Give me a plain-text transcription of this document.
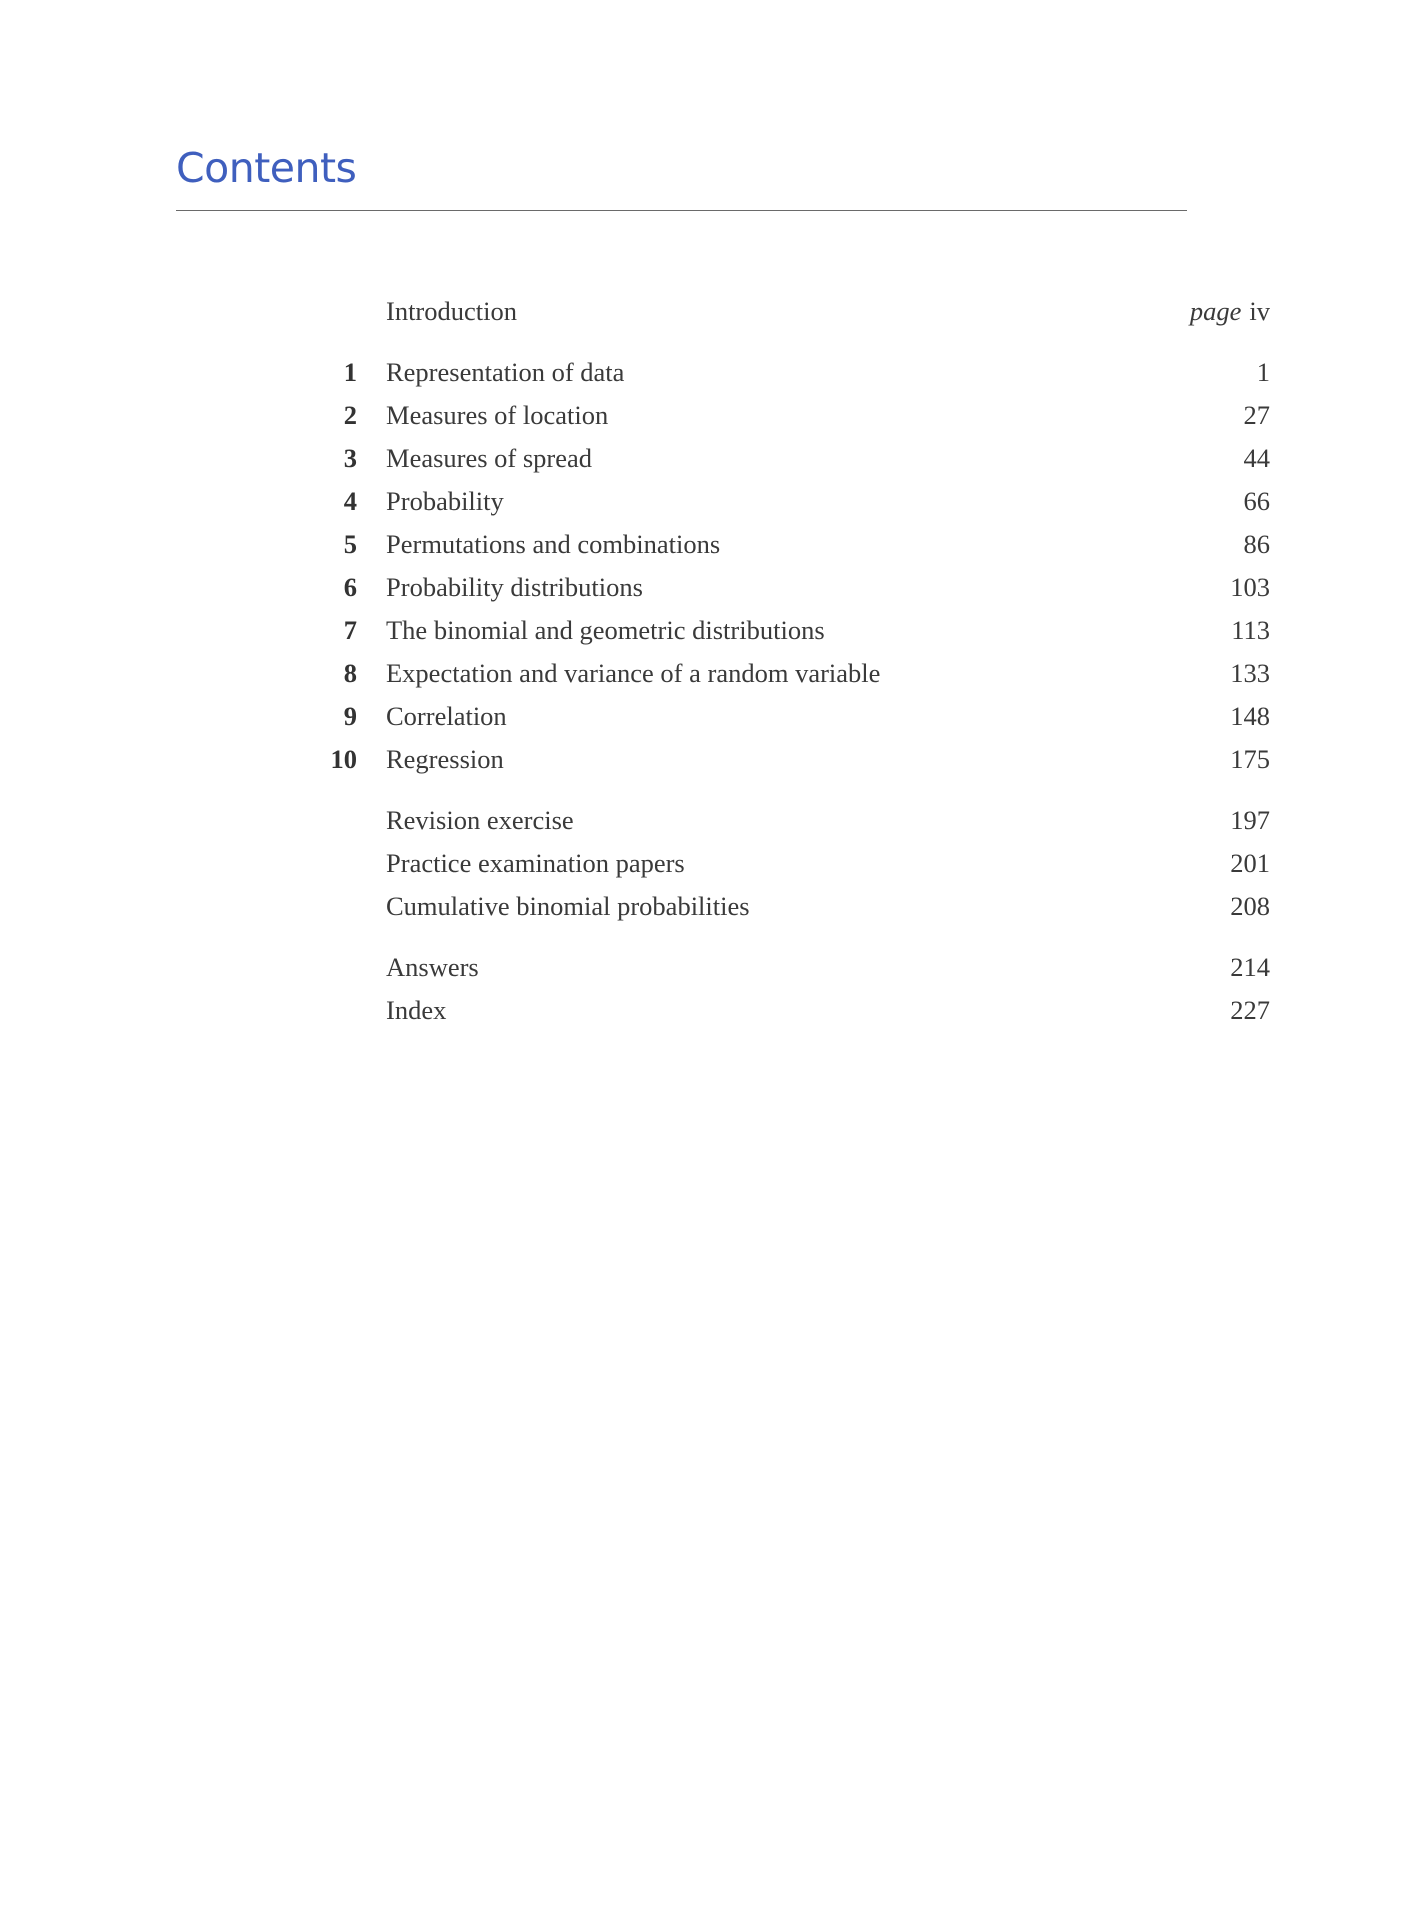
Contents
Introduction	page iv
1 Representation of data	1
2 Measures of location	27
3 Measures of spread	44
4 Probability	66
5 Permutations and combinations	86
6 Probability distributions	103
7 The binomial and geometric distributions	113
8 Expectation and variance of a random variable	133
9 Correlation	148
10 Regression	175
Revision exercise	197
Practice examination papers	201
Cumulative binomial probabilities	208
Answers	214
Index	227
